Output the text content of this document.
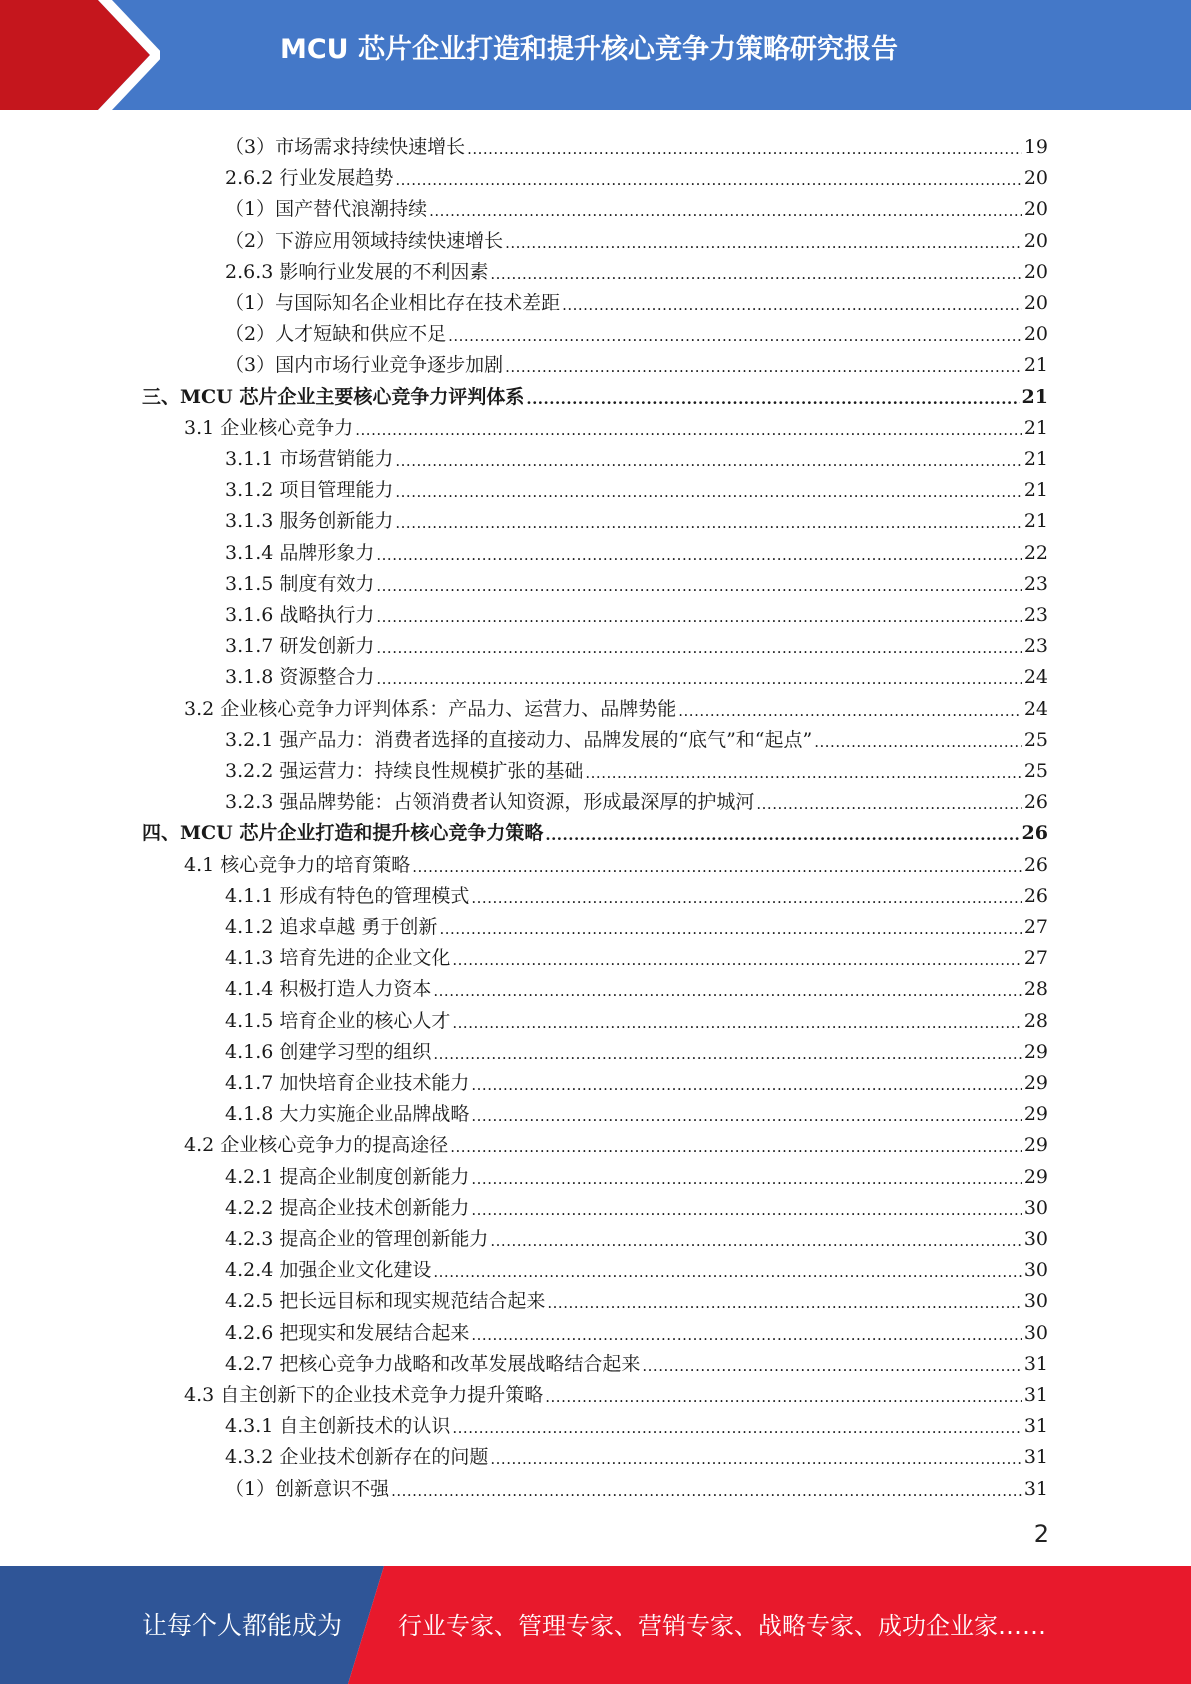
MCU 芯片企业打造和提升核心竞争力策略研究报告
（3）市场需求持续快速增长 .....	19
2.6.2 行业发展趋势 .....	20
（1）国产替代浪潮持续 .....	20
（2）下游应用领域持续快速增长 .....	20
2.6.3 影响行业发展的不利因素 .....	20
（1）与国际知名企业相比存在技术差距 .....	20
（2）人才短缺和供应不足 .....	20
（3）国内市场行业竞争逐步加剧 .....	21
三、MCU 芯片企业主要核心竞争力评判体系 .....	21
3.1 企业核心竞争力 .....	21
3.1.1 市场营销能力 .....	21
3.1.2 项目管理能力 .....	21
3.1.3 服务创新能力 .....	21
3.1.4 品牌形象力 .....	22
3.1.5 制度有效力 .....	23
3.1.6 战略执行力 .....	23
3.1.7 研发创新力 .....	23
3.1.8 资源整合力 .....	24
3.2 企业核心竞争力评判体系：产品力、运营力、品牌势能 .....	24
3.2.1 强产品力：消费者选择的直接动力、品牌发展的“底气”和“起点” .....	25
3.2.2 强运营力：持续良性规模扩张的基础 .....	25
3.2.3 强品牌势能：占领消费者认知资源，形成最深厚的护城河 .....	26
四、MCU 芯片企业打造和提升核心竞争力策略 .....	26
4.1 核心竞争力的培育策略 .....	26
4.1.1 形成有特色的管理模式 .....	26
4.1.2 追求卓越 勇于创新 .....	27
4.1.3 培育先进的企业文化 .....	27
4.1.4 积极打造人力资本 .....	28
4.1.5 培育企业的核心人才 .....	28
4.1.6 创建学习型的组织 .....	29
4.1.7 加快培育企业技术能力 .....	29
4.1.8 大力实施企业品牌战略 .....	29
4.2 企业核心竞争力的提高途径 .....	29
4.2.1 提高企业制度创新能力 .....	29
4.2.2 提高企业技术创新能力 .....	30
4.2.3 提高企业的管理创新能力 .....	30
4.2.4 加强企业文化建设 .....	30
4.2.5 把长远目标和现实规范结合起来 .....	30
4.2.6 把现实和发展结合起来 .....	30
4.2.7 把核心竞争力战略和改革发展战略结合起来 .....	31
4.3 自主创新下的企业技术竞争力提升策略 .....	31
4.3.1 自主创新技术的认识 .....	31
4.3.2 企业技术创新存在的问题 .....	31
（1）创新意识不强 .....	31
2
让每个人都能成为 行业专家、管理专家、营销专家、战略专家、成功企业家……
